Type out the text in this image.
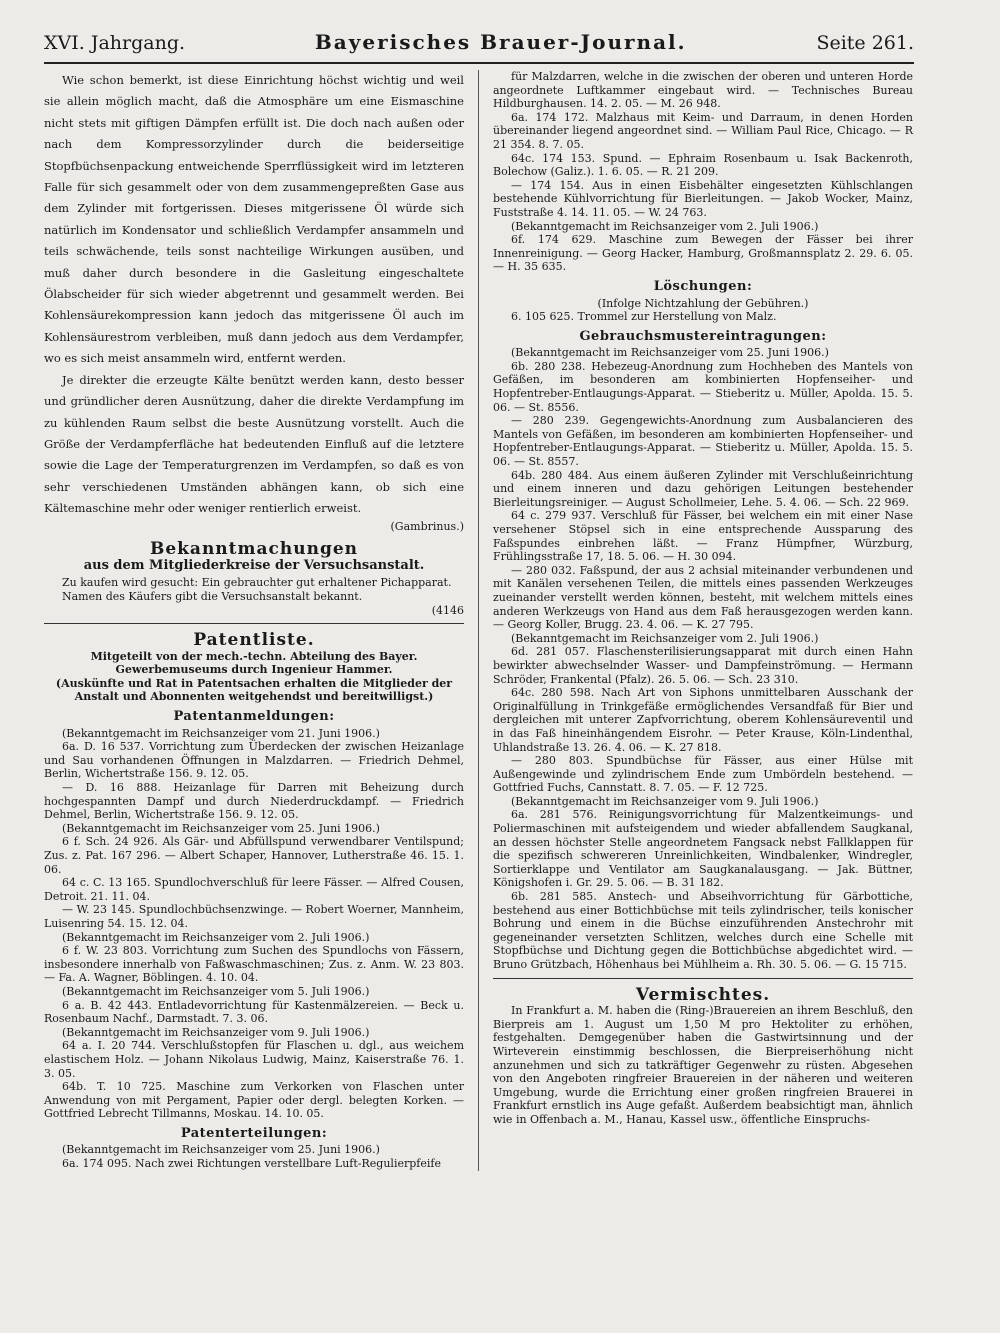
XVI. Jahrgang.	Bayerisches Brauer-Journal.	Seite 261.

Wie schon bemerkt, ist diese Einrichtung höchst wichtig und weil sie allein möglich macht, daß die Atmosphäre um eine Eismaschine nicht stets mit giftigen Dämpfen erfüllt ist. Die doch nach außen oder nach dem Kompressorzylinder durch die beiderseitige Stopfbüchsenpackung entweichende Sperrflüssigkeit wird im letzteren Falle für sich gesammelt oder von dem zusammengepreßten Gase aus dem Zylinder mit fortgerissen. Dieses mitgerissene Öl würde sich natürlich im Kondensator und schließlich Verdampfer ansammeln und teils schwächende, teils sonst nachteilige Wirkungen ausüben, und muß daher durch besondere in die Gasleitung eingeschaltete Ölabscheider für sich wieder abgetrennt und gesammelt werden. Bei Kohlensäurekompression kann jedoch das mitgerissene Öl auch im Kohlensäurestrom verbleiben, muß dann jedoch aus dem Verdampfer, wo es sich meist ansammeln wird, entfernt werden.

Je direkter die erzeugte Kälte benützt werden kann, desto besser und gründlicher deren Ausnützung, daher die direkte Verdampfung im zu kühlenden Raum selbst die beste Ausnützung vorstellt. Auch die Größe der Verdampferfläche hat bedeutenden Einfluß auf die letztere sowie die Lage der Temperaturgrenzen im Verdampfen, so daß es von sehr verschiedenen Umständen abhängen kann, ob sich eine Kältemaschine mehr oder weniger rentierlich erweist.

(Gambrinus.)

Bekanntmachungen
aus dem Mitgliederkreise der Versuchsanstalt.

Zu kaufen wird gesucht: Ein gebrauchter gut erhaltener Pichapparat.

Namen des Käufers gibt die Versuchsanstalt bekannt.

(4146

Patentliste.

Mitgeteilt von der mech.-techn. Abteilung des Bayer. Gewerbemuseums durch Ingenieur Hammer.

(Auskünfte und Rat in Patentsachen erhalten die Mitglieder der Anstalt und Abonnenten weitgehendst und bereitwilligst.)

Patentanmeldungen:

(Bekanntgemacht im Reichsanzeiger vom 21. Juni 1906.)

6a. D. 16 537. Vorrichtung zum Überdecken der zwischen Heizanlage und Sau vorhandenen Öffnungen in Malzdarren. — Friedrich Dehmel, Berlin, Wichertstraße 156. 9. 12. 05.

— D. 16 888. Heizanlage für Darren mit Beheizung durch hochgespannten Dampf und durch Niederdruckdampf. — Friedrich Dehmel, Berlin, Wichertstraße 156. 9. 12. 05.

(Bekanntgemacht im Reichsanzeiger vom 25. Juni 1906.)

6 f. Sch. 24 926. Als Gär- und Abfüllspund verwendbarer Ventilspund; Zus. z. Pat. 167 296. — Albert Schaper, Hannover, Lutherstraße 46. 15. 1. 06.

64 c. C. 13 165. Spundlochverschluß für leere Fässer. — Alfred Cousen, Detroit. 21. 11. 04.

— W. 23 145. Spundlochbüchsenzwinge. — Robert Woerner, Mannheim, Luisenring 54. 15. 12. 04.

(Bekanntgemacht im Reichsanzeiger vom 2. Juli 1906.)

6 f. W. 23 803. Vorrichtung zum Suchen des Spundlochs von Fässern, insbesondere innerhalb von Faßwaschmaschinen; Zus. z. Anm. W. 23 803. — Fa. A. Wagner, Böblingen. 4. 10. 04.

(Bekanntgemacht im Reichsanzeiger vom 5. Juli 1906.)

6 a. B. 42 443. Entladevorrichtung für Kastenmälzereien. — Beck u. Rosenbaum Nachf., Darmstadt. 7. 3. 06.

(Bekanntgemacht im Reichsanzeiger vom 9. Juli 1906.)

64 a. I. 20 744. Verschlußstopfen für Flaschen u. dgl., aus weichem elastischem Holz. — Johann Nikolaus Ludwig, Mainz, Kaiserstraße 76. 1. 3. 05.

64b. T. 10 725. Maschine zum Verkorken von Flaschen unter Anwendung von mit Pergament, Papier oder dergl. belegten Korken. — Gottfried Lebrecht Tillmanns, Moskau. 14. 10. 05.

Patenterteilungen:

(Bekanntgemacht im Reichsanzeiger vom 25. Juni 1906.)

6a. 174 095. Nach zwei Richtungen verstellbare Luft-Regulierpfeife

für Malzdarren, welche in die zwischen der oberen und unteren Horde angeordnete Luftkammer eingebaut wird. — Technisches Bureau Hildburghausen. 14. 2. 05. — M. 26 948.

6a. 174 172. Malzhaus mit Keim- und Darraum, in denen Horden übereinander liegend angeordnet sind. — William Paul Rice, Chicago. — R 21 354. 8. 7. 05.

64c. 174 153. Spund. — Ephraim Rosenbaum u. Isak Backenroth, Bolechow (Galiz.). 1. 6. 05. — R. 21 209.

— 174 154. Aus in einen Eisbehälter eingesetzten Kühlschlangen bestehende Kühlvorrichtung für Bierleitungen. — Jakob Wocker, Mainz, Fuststraße 4. 14. 11. 05. — W. 24 763.

(Bekanntgemacht im Reichsanzeiger vom 2. Juli 1906.)

6f. 174 629. Maschine zum Bewegen der Fässer bei ihrer Innenreinigung. — Georg Hacker, Hamburg, Großmannsplatz 2. 29. 6. 05. — H. 35 635.

Löschungen:

(Infolge Nichtzahlung der Gebühren.)

6. 105 625. Trommel zur Herstellung von Malz.

Gebrauchsmustereintragungen:

(Bekanntgemacht im Reichsanzeiger vom 25. Juni 1906.)

6b. 280 238. Hebezeug-Anordnung zum Hochheben des Mantels von Gefäßen, im besonderen am kombinierten Hopfenseiher- und Hopfentreber-Entlaugungs-Apparat. — Stieberitz u. Müller, Apolda. 15. 5. 06. — St. 8556.

— 280 239. Gegengewichts-Anordnung zum Ausbalancieren des Mantels von Gefäßen, im besonderen am kombinierten Hopfenseiher- und Hopfentreber-Entlaugungs-Apparat. — Stieberitz u. Müller, Apolda. 15. 5. 06. — St. 8557.

64b. 280 484. Aus einem äußeren Zylinder mit Verschlußeinrichtung und einem inneren und dazu gehörigen Leitungen bestehender Bierleitungsreiniger. — August Schollmeier, Lehe. 5. 4. 06. — Sch. 22 969.

64 c. 279 937. Verschluß für Fässer, bei welchem ein mit einer Nase versehener Stöpsel sich in eine entsprechende Aussparung des Faßspundes einbrehen läßt. — Franz Hümpfner, Würzburg, Frühlingsstraße 17, 18. 5. 06. — H. 30 094.

— 280 032. Faßspund, der aus 2 achsial miteinander verbundenen und mit Kanälen versehenen Teilen, die mittels eines passenden Werkzeuges zueinander verstellt werden können, besteht, mit welchem mittels eines anderen Werkzeugs von Hand aus dem Faß herausgezogen werden kann. — Georg Koller, Brugg. 23. 4. 06. — K. 27 795.

(Bekanntgemacht im Reichsanzeiger vom 2. Juli 1906.)

6d. 281 057. Flaschensterilisierungsapparat mit durch einen Hahn bewirkter abwechselnder Wasser- und Dampfeinströmung. — Hermann Schröder, Frankental (Pfalz). 26. 5. 06. — Sch. 23 310.

64c. 280 598. Nach Art von Siphons unmittelbaren Ausschank der Originalfüllung in Trinkgefäße ermöglichendes Versandfaß für Bier und dergleichen mit unterer Zapfvorrichtung, oberem Kohlensäureventil und in das Faß hineinhängendem Eisrohr. — Peter Krause, Köln-Lindenthal, Uhlandstraße 13. 26. 4. 06. — K. 27 818.

— 280 803. Spundbüchse für Fässer, aus einer Hülse mit Außengewinde und zylindrischem Ende zum Umbördeln bestehend. — Gottfried Fuchs, Cannstatt. 8. 7. 05. — F. 12 725.

(Bekanntgemacht im Reichsanzeiger vom 9. Juli 1906.)

6a. 281 576. Reinigungsvorrichtung für Malzentkeimungs- und Poliermaschinen mit aufsteigendem und wieder abfallendem Saugkanal, an dessen höchster Stelle angeordnetem Fangsack nebst Fallklappen für die spezifisch schwereren Unreinlichkeiten, Windbalenker, Windregler, Sortierklappe und Ventilator am Saugkanalausgang. — Jak. Büttner, Königshofen i. Gr. 29. 5. 06. — B. 31 182.

6b. 281 585. Anstech- und Abseihvorrichtung für Gärbottiche, bestehend aus einer Bottichbüchse mit teils zylindrischer, teils konischer Bohrung und einem in die Büchse einzuführenden Anstechrohr mit gegeneinander versetzten Schlitzen, welches durch eine Schelle mit Stopfbüchse und Dichtung gegen die Bottichbüchse abgedichtet wird. — Bruno Grützbach, Höhenhaus bei Mühlheim a. Rh. 30. 5. 06. — G. 15 715.

Vermischtes.

In Frankfurt a. M. haben die (Ring-)Brauereien an ihrem Beschluß, den Bierpreis am 1. August um 1,50 M pro Hektoliter zu erhöhen, festgehalten. Demgegenüber haben die Gastwirtsinnung und der Wirteverein einstimmig beschlossen, die Bierpreiserhöhung nicht anzunehmen und sich zu tatkräftiger Gegenwehr zu rüsten. Abgesehen von den Angeboten ringfreier Brauereien in der näheren und weiteren Umgebung, wurde die Errichtung einer großen ringfreien Brauerei in Frankfurt ernstlich ins Auge gefaßt. Außerdem beabsichtigt man, ähnlich wie in Offenbach a. M., Hanau, Kassel usw., öffentliche Einspruchs-
